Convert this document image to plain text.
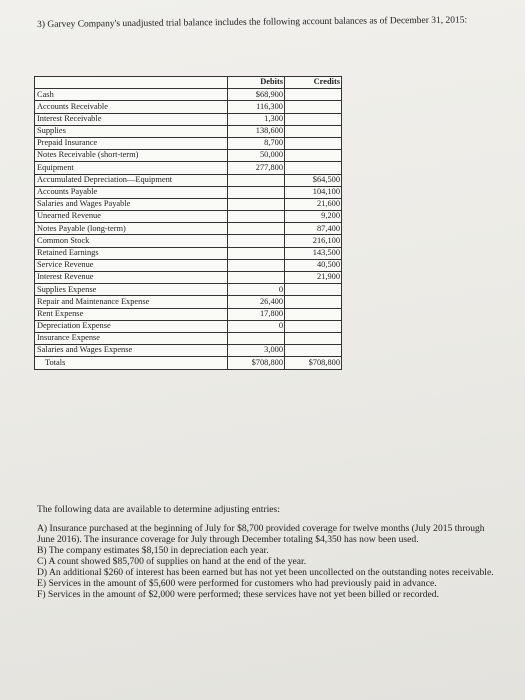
3) Garvey Company's unadjusted trial balance includes the following account balances as of December 31, 2015:
	Debits	Credits
Cash	$68,900	
Accounts Receivable	116,300	
Interest Receivable	1,300	
Supplies	138,600	
Prepaid Insurance	8,700	
Notes Receivable (short-term)	50,000	
Equipment	277,800	
Accumulated Depreciation—Equipment		$64,500
Accounts Payable		104,100
Salaries and Wages Payable		21,600
Unearned Revenue		9,200
Notes Payable (long-term)		87,400
Common Stock		216,100
Retained Earnings		143,500
Service Revenue		40,500
Interest Revenue		21,900
Supplies Expense	0	
Repair and Maintenance Expense	26,400	
Rent Expense	17,800	
Depreciation Expense	0	
Insurance Expense		
Salaries and Wages Expense	3,000	
Totals	$708,800	$708,800
The following data are available to determine adjusting entries:
A) Insurance purchased at the beginning of July for $8,700 provided coverage for twelve months (July 2015 through June 2016). The insurance coverage for July through December totaling $4,350 has now been used.
B) The company estimates $8,150 in depreciation each year.
C) A count showed $85,700 of supplies on hand at the end of the year.
D) An additional $260 of interest has been earned but has not yet been uncollected on the outstanding notes receivable.
E) Services in the amount of $5,600 were performed for customers who had previously paid in advance.
F) Services in the amount of $2,000 were performed; these services have not yet been billed or recorded.
